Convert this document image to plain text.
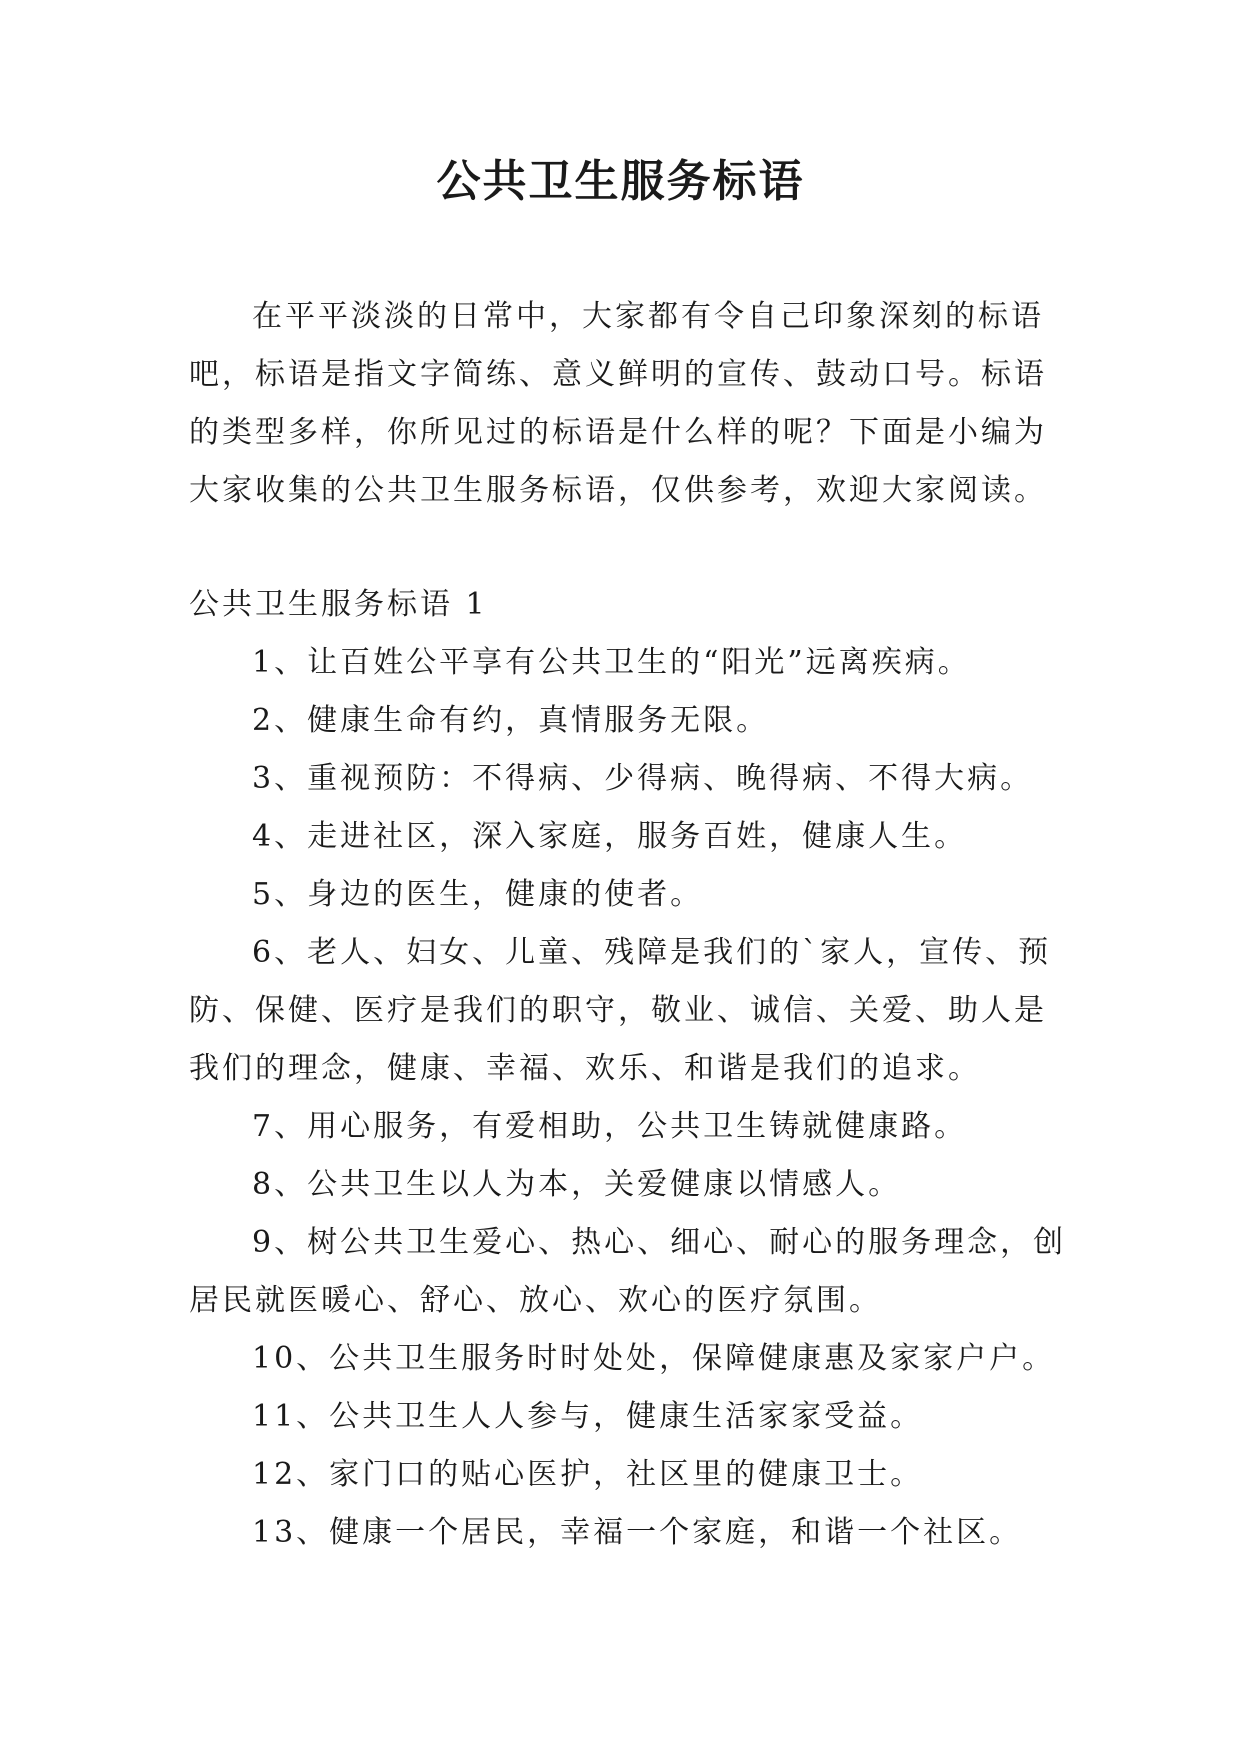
公共卫生服务标语

在平平淡淡的日常中，大家都有令自己印象深刻的标语吧，标语是指文字简练、意义鲜明的宣传、鼓动口号。标语的类型多样，你所见过的标语是什么样的呢？下面是小编为大家收集的公共卫生服务标语，仅供参考，欢迎大家阅读。

公共卫生服务标语 1

1、让百姓公平享有公共卫生的“阳光”远离疾病。

2、健康生命有约，真情服务无限。

3、重视预防：不得病、少得病、晚得病、不得大病。

4、走进社区，深入家庭，服务百姓，健康人生。

5、身边的医生，健康的使者。

6、老人、妇女、儿童、残障是我们的`家人，宣传、预防、保健、医疗是我们的职守，敬业、诚信、关爱、助人是我们的理念，健康、幸福、欢乐、和谐是我们的追求。

7、用心服务，有爱相助，公共卫生铸就健康路。

8、公共卫生以人为本，关爱健康以情感人。

9、树公共卫生爱心、热心、细心、耐心的服务理念，创居民就医暖心、舒心、放心、欢心的医疗氛围。

10、公共卫生服务时时处处，保障健康惠及家家户户。

11、公共卫生人人参与，健康生活家家受益。

12、家门口的贴心医护，社区里的健康卫士。

13、健康一个居民，幸福一个家庭，和谐一个社区。
